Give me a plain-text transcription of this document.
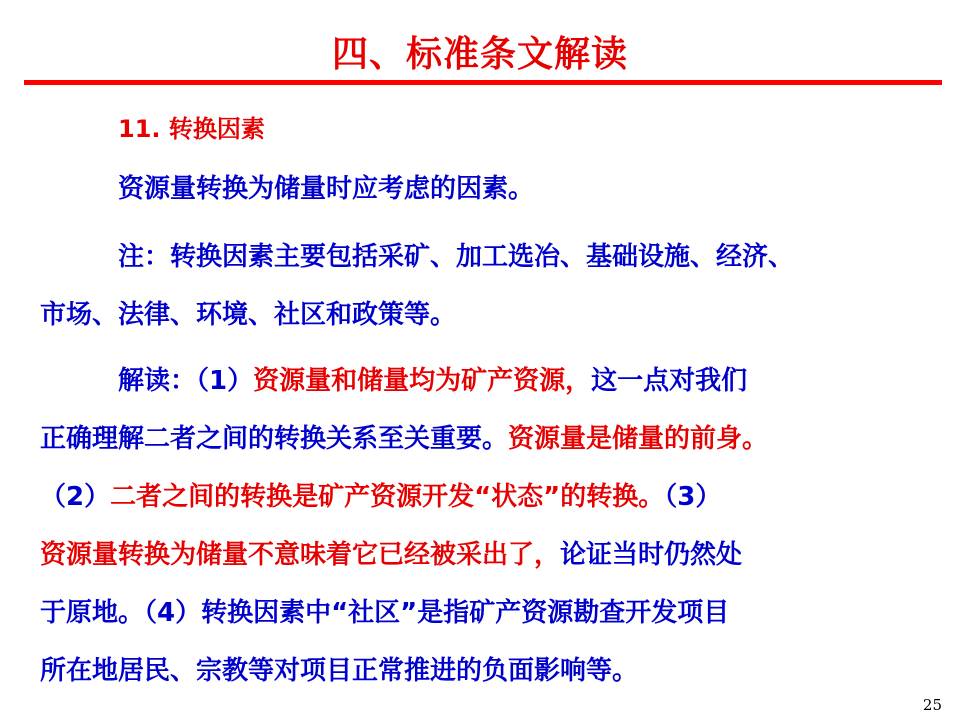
四、标准条文解读
11. 转换因素
资源量转换为储量时应考虑的因素。
注：转换因素主要包括采矿、加工选冶、基础设施、经济、
市场、法律、环境、社区和政策等。
解读：（1）资源量和储量均为矿产资源，这一点对我们
正确理解二者之间的转换关系至关重要。资源量是储量的前身。
（2）二者之间的转换是矿产资源开发“状态”的转换。（3）
资源量转换为储量不意味着它已经被采出了，论证当时仍然处
于原地。（4）转换因素中“社区”是指矿产资源勘查开发项目
所在地居民、宗教等对项目正常推进的负面影响等。
25
